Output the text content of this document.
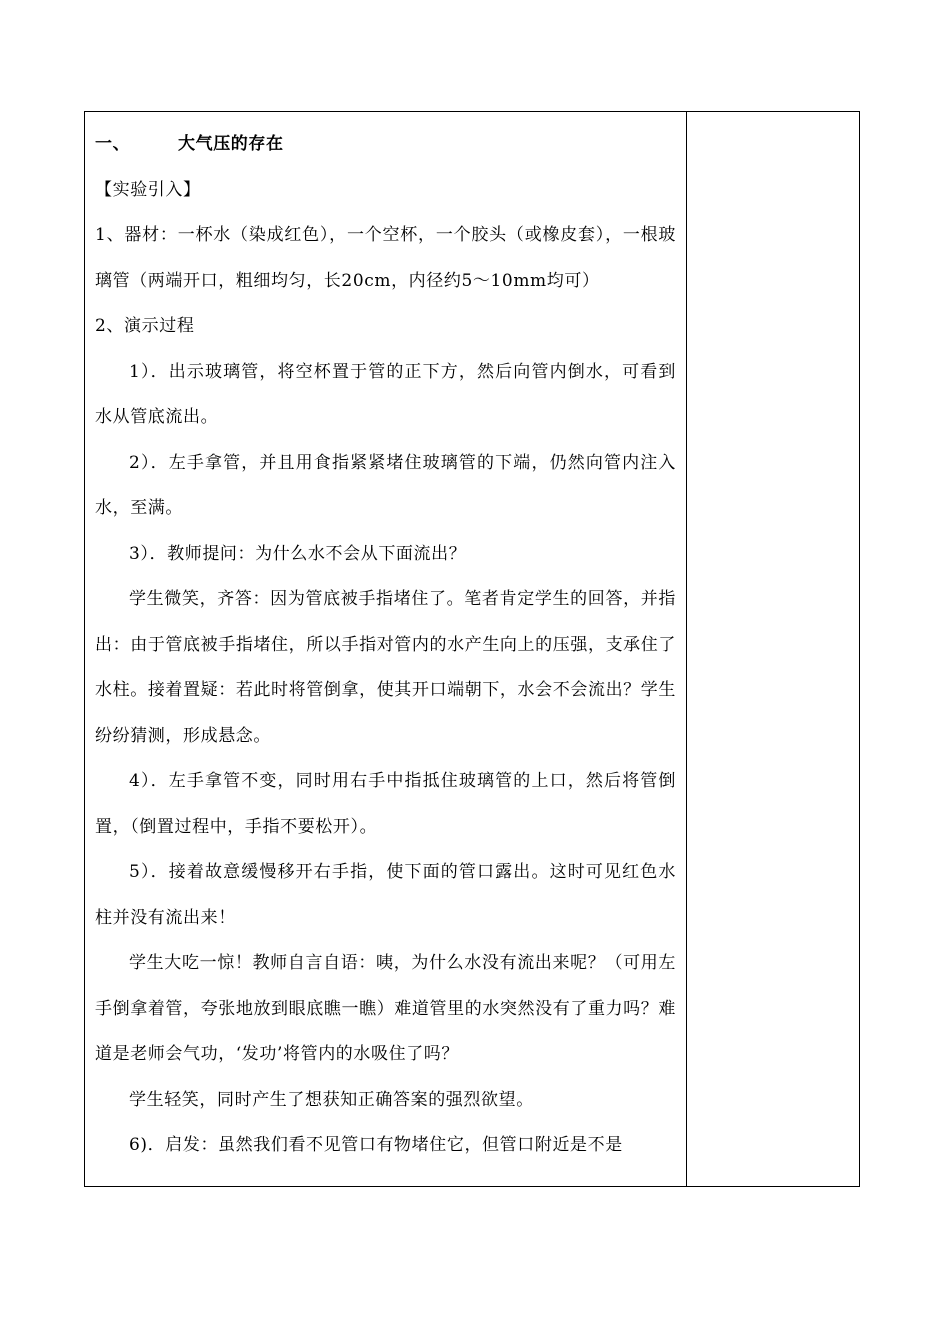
一、	大气压的存在

【实验引入】

1、器材：一杯水（染成红色），一个空杯，一个胶头（或橡皮套），一根玻璃管（两端开口，粗细均匀，长20cm，内径约5～10mm均可）

2、演示过程

1）．出示玻璃管，将空杯置于管的正下方，然后向管内倒水，可看到水从管底流出。

2）．左手拿管，并且用食指紧紧堵住玻璃管的下端，仍然向管内注入水，至满。

3）．教师提问：为什么水不会从下面流出？

学生微笑，齐答：因为管底被手指堵住了。笔者肯定学生的回答，并指出：由于管底被手指堵住，所以手指对管内的水产生向上的压强，支承住了水柱。接着置疑：若此时将管倒拿，使其开口端朝下，水会不会流出？学生纷纷猜测，形成悬念。

4）．左手拿管不变，同时用右手中指抵住玻璃管的上口，然后将管倒置，（倒置过程中，手指不要松开）。

5）．接着故意缓慢移开右手指，使下面的管口露出。这时可见红色水柱并没有流出来！

学生大吃一惊！教师自言自语：咦，为什么水没有流出来呢？（可用左手倒拿着管，夸张地放到眼底瞧一瞧）难道管里的水突然没有了重力吗？难道是老师会气功，‘发功’将管内的水吸住了吗？

学生轻笑，同时产生了想获知正确答案的强烈欲望。

6)．启发：虽然我们看不见管口有物堵住它，但管口附近是不是
